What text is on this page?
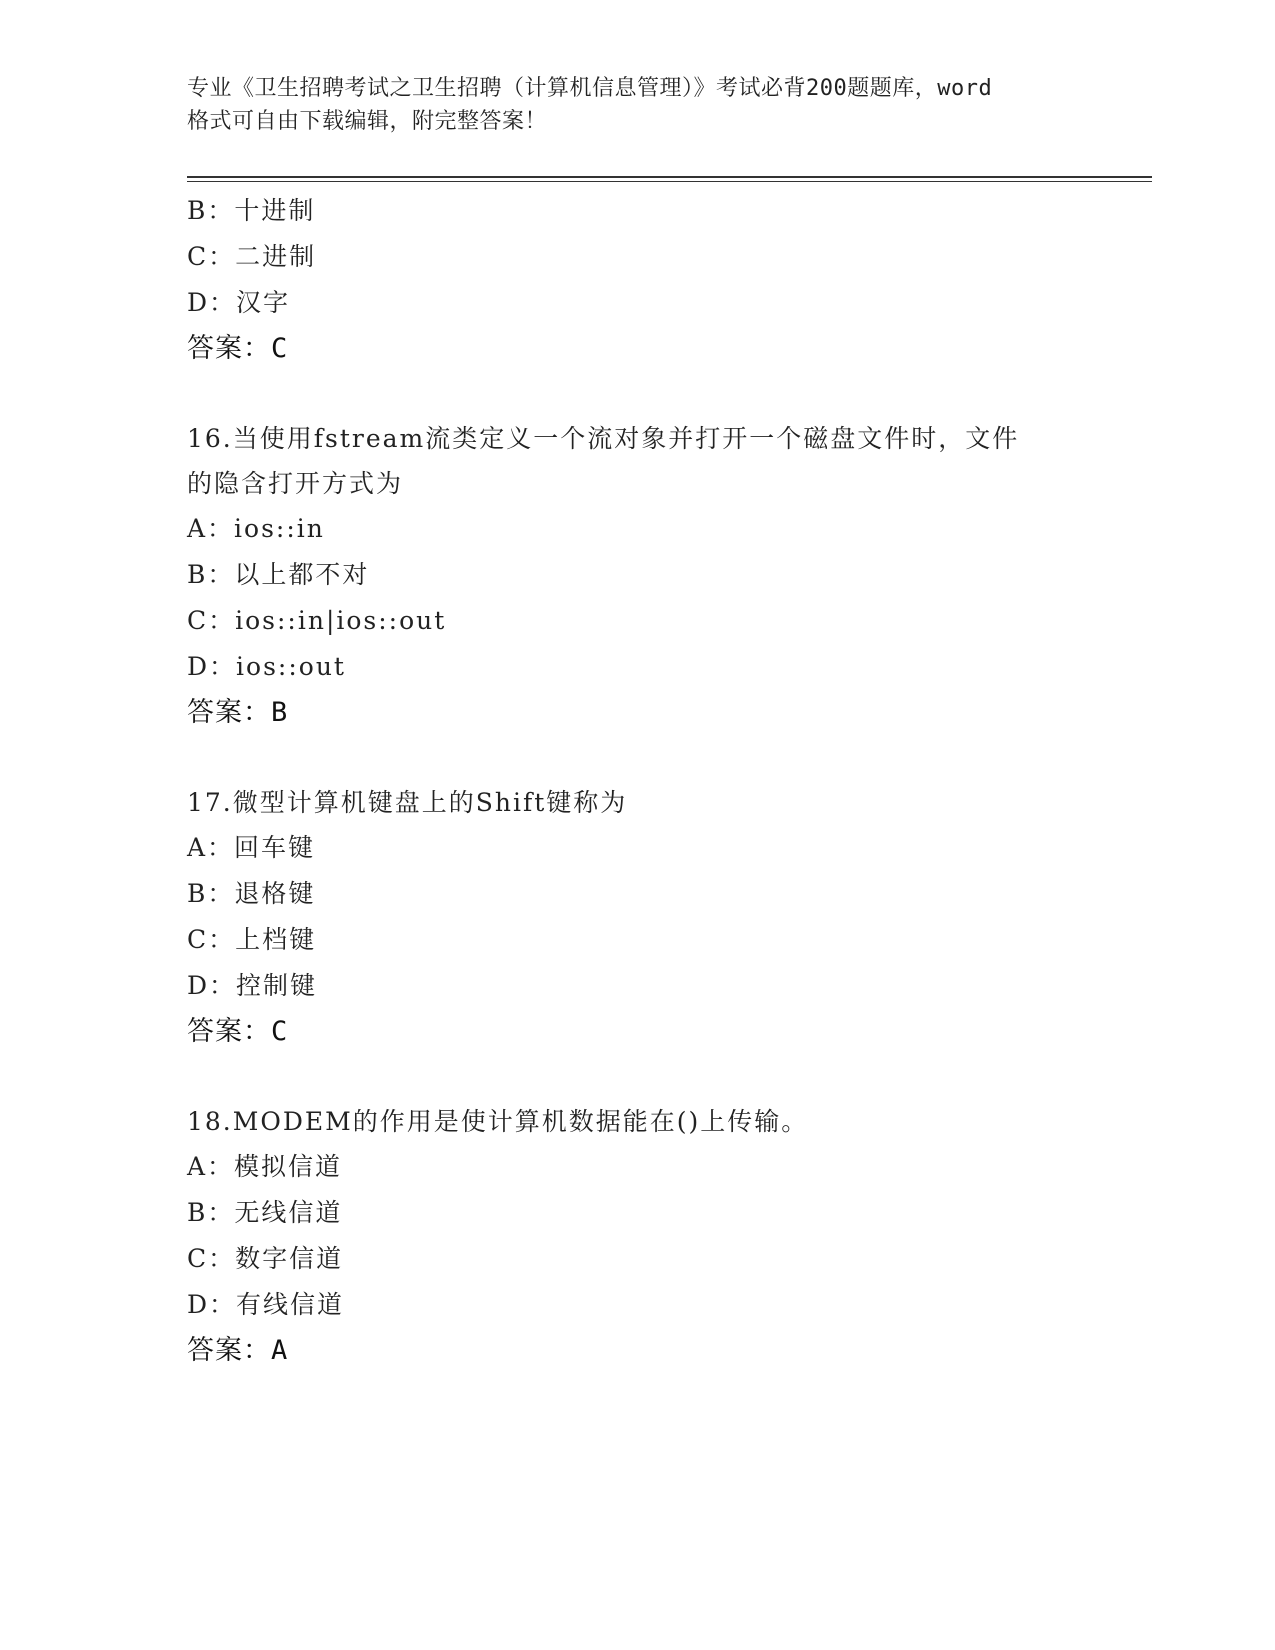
专业《卫生招聘考试之卫生招聘（计算机信息管理）》考试必背200题题库，word
格式可自由下载编辑，附完整答案！
B：十进制
C：二进制
D：汉字
答案：C
16.当使用fstream流类定义一个流对象并打开一个磁盘文件时，文件
的隐含打开方式为
A：ios::in
B：以上都不对
C：ios::in|ios::out
D：ios::out
答案：B
17.微型计算机键盘上的Shift键称为
A：回车键
B：退格键
C：上档键
D：控制键
答案：C
18.MODEM的作用是使计算机数据能在()上传输。
A：模拟信道
B：无线信道
C：数字信道
D：有线信道
答案：A
